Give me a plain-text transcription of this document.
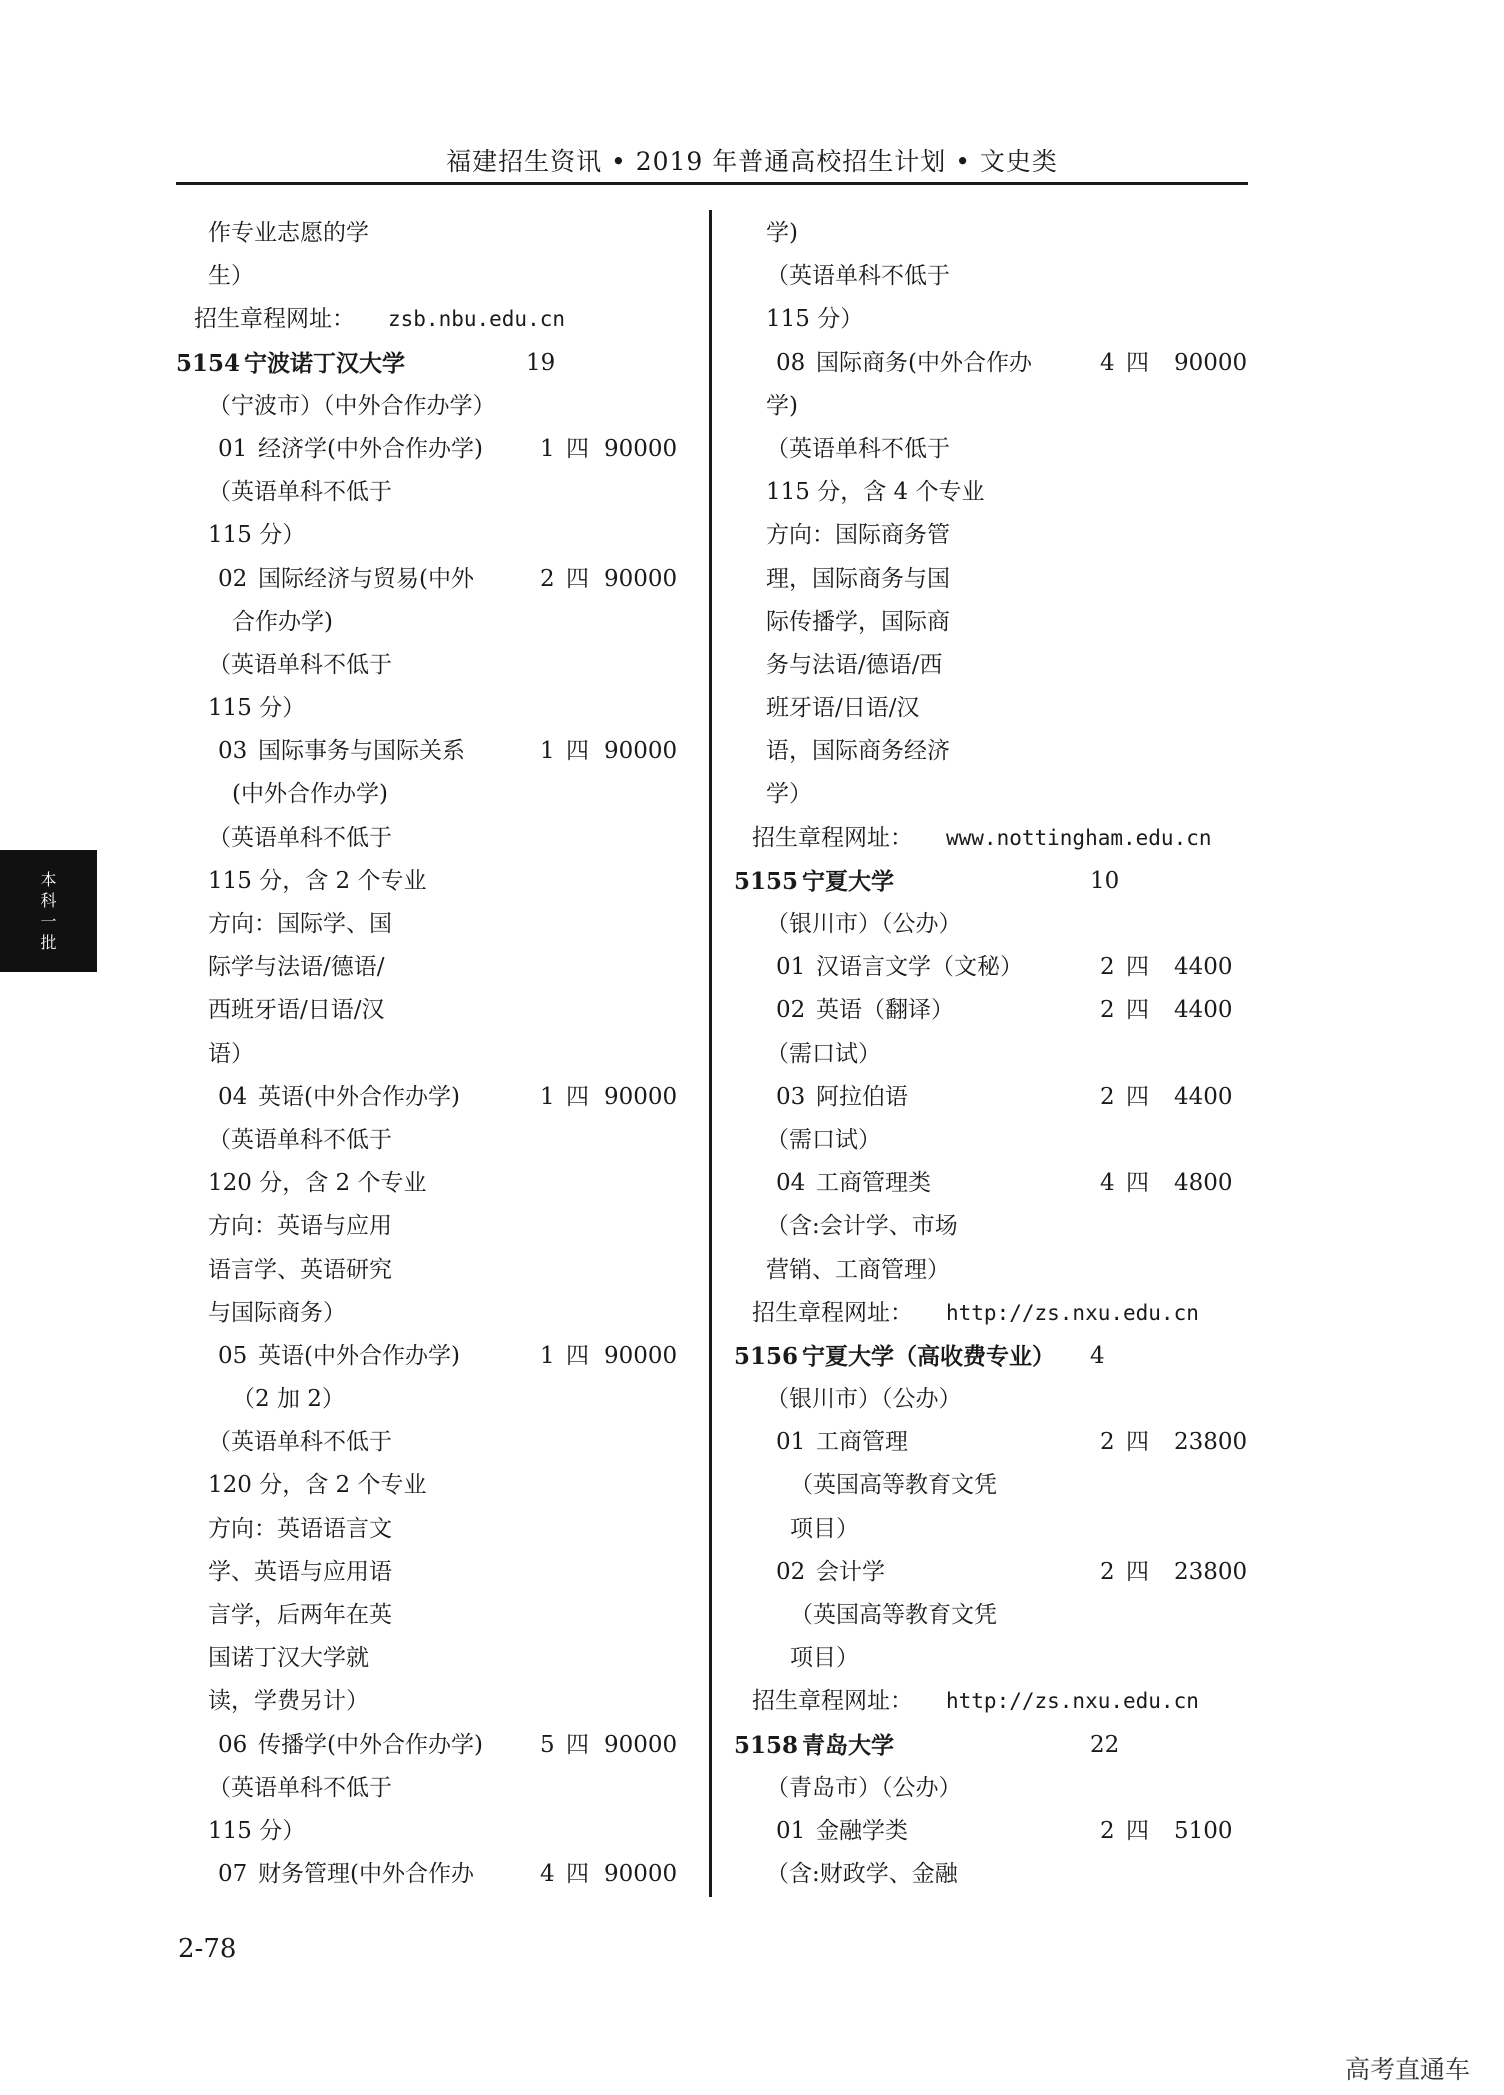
福建招生资讯 • 2019 年普通高校招生计划 • 文史类
作专业志愿的学
生）
招生章程网址： zsb.nbu.edu.cn
5154 宁波诺丁汉大学	19
（宁波市）（中外合作办学）
01 经济学(中外合作办学) 1 四 90000
（英语单科不低于
115 分）
02 国际经济与贸易(中外	2 四 90000
合作办学)
（英语单科不低于
115 分）
03 国际事务与国际关系	1 四 90000
(中外合作办学)
（英语单科不低于
115 分，含 2 个专业
方向：国际学、国
际学与法语/德语/
西班牙语/日语/汉
语）
04 英语(中外合作办学)	1 四 90000
（英语单科不低于
120 分，含 2 个专业
方向：英语与应用
语言学、英语研究
与国际商务）
05 英语(中外合作办学)	1 四 90000
（2 加 2）
（英语单科不低于
120 分，含 2 个专业
方向：英语语言文
学、英语与应用语
言学，后两年在英
国诺丁汉大学就
读，学费另计）
06 传播学(中外合作办学) 5 四 90000
（英语单科不低于
115 分）
07 财务管理(中外合作办	4 四 90000
学)
（英语单科不低于
115 分）
08 国际商务(中外合作办	4 四 90000
学)
（英语单科不低于
115 分，含 4 个专业
方向：国际商务管
理，国际商务与国
际传播学，国际商
务与法语/德语/西
班牙语/日语/汉
语，国际商务经济
学）
招生章程网址： www.nottingham.edu.cn
5155 宁夏大学	10
（银川市）（公办）
01 汉语言文学（文秘）	2 四 4400
02 英语（翻译）	2 四 4400
（需口试）
03 阿拉伯语	2 四 4400
（需口试）
04 工商管理类	4 四 4800
（含:会计学、市场
营销、工商管理）
招生章程网址： http://zs.nxu.edu.cn
5156 宁夏大学（高收费专业） 4
（银川市）（公办）
01 工商管理	2 四 23800
（英国高等教育文凭
项目）
02 会计学	2 四 23800
（英国高等教育文凭
项目）
招生章程网址： http://zs.nxu.edu.cn
5158 青岛大学	22
（青岛市）（公办）
01 金融学类	2 四 5100
（含:财政学、金融
本科一批
2-78
高考直通车
